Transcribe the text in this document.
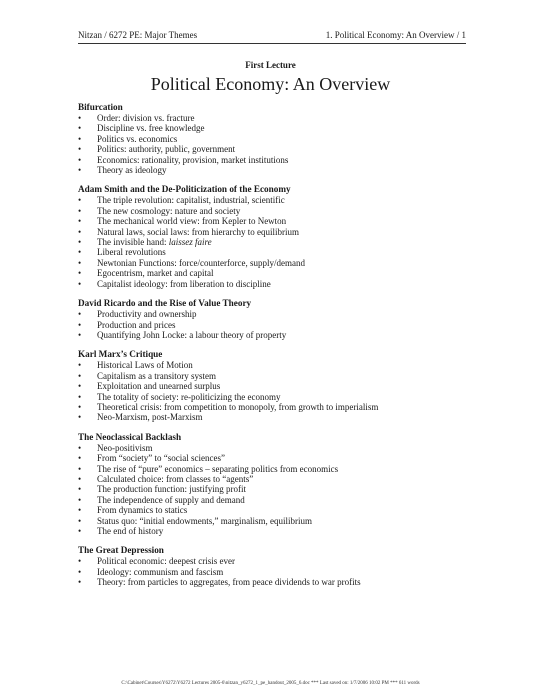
Nitzan / 6272 PE: Major Themes	1. Political Economy: An Overview / 1
First Lecture
Political Economy: An Overview
Bifurcation
• Order: division vs. fracture
• Discipline vs. free knowledge
• Politics vs. economics
• Politics: authority, public, government
• Economics: rationality, provision, market institutions
• Theory as ideology
Adam Smith and the De-Politicization of the Economy
• The triple revolution: capitalist, industrial, scientific
• The new cosmology: nature and society
• The mechanical world view: from Kepler to Newton
• Natural laws, social laws: from hierarchy to equilibrium
• The invisible hand: laissez faire
• Liberal revolutions
• Newtonian Functions: force/counterforce, supply/demand
• Egocentrism, market and capital
• Capitalist ideology: from liberation to discipline
David Ricardo and the Rise of Value Theory
• Productivity and ownership
• Production and prices
• Quantifying John Locke: a labour theory of property
Karl Marx’s Critique
• Historical Laws of Motion
• Capitalism as a transitory system
• Exploitation and unearned surplus
• The totality of society: re-politicizing the economy
• Theoretical crisis: from competition to monopoly, from growth to imperialism
• Neo-Marxism, post-Marxism
The Neoclassical Backlash
• Neo-positivism
• From “society” to “social sciences”
• The rise of “pure” economics – separating politics from economics
• Calculated choice: from classes to “agents”
• The production function: justifying profit
• The independence of supply and demand
• From dynamics to statics
• Status quo: “initial endowments,” marginalism, equilibrium
• The end of history
The Great Depression
• Political economic: deepest crisis ever
• Ideology: communism and fascism
• Theory: from particles to aggregates, from peace dividends to war profits
C:\Cabinet\Courses\Y6272\Y6272 Lectures 2005-6\nitzan_y6272_1_pe_handout_2005_6.doc *** Last saved on: 1/7/2006 10:02 PM *** 611 words
